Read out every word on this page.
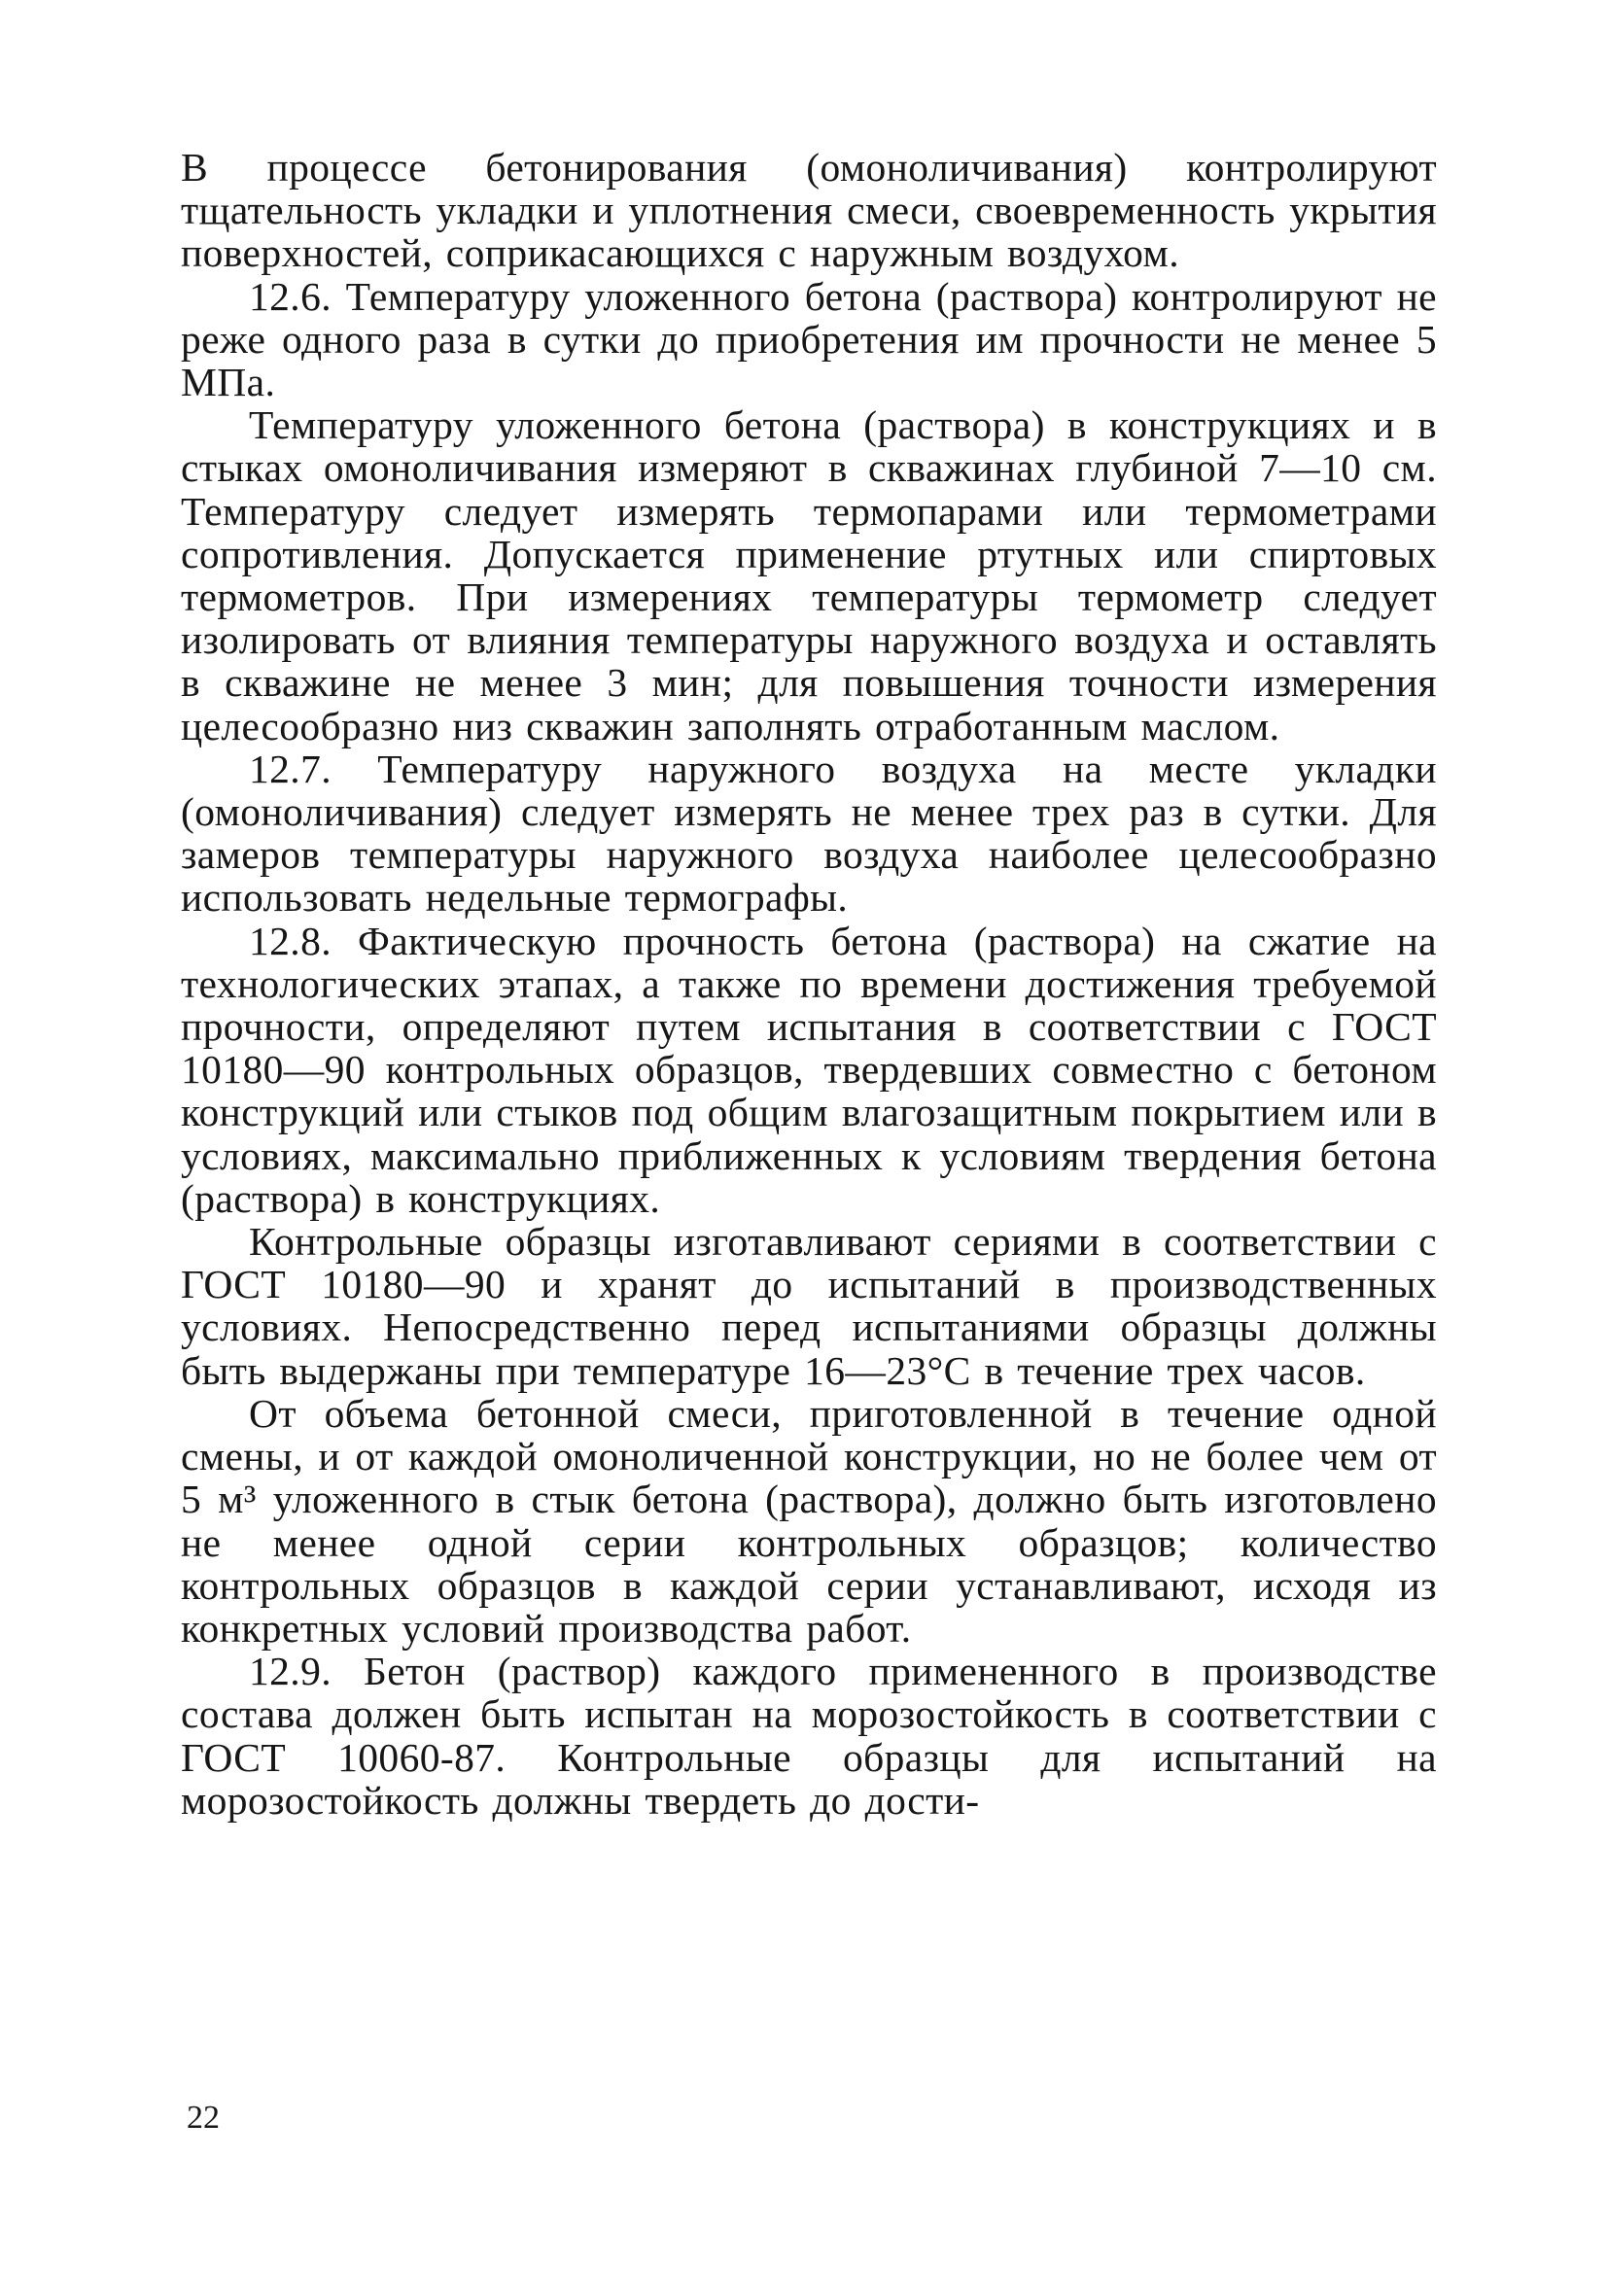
В процессе бетонирования (омоноличивания) контролируют тщательность укладки и уплотнения смеси, своевременность укрытия поверхностей, соприкасающихся с наружным воздухом.

12.6. Температуру уложенного бетона (раствора) контролируют не реже одного раза в сутки до приобретения им прочности не менее 5 МПа.

Температуру уложенного бетона (раствора) в конструкциях и в стыках омоноличивания измеряют в скважинах глубиной 7—10 см. Температуру следует измерять термопарами или термометрами сопротивления. Допускается применение ртутных или спиртовых термометров. При измерениях температуры термометр следует изолировать от влияния температуры наружного воздуха и оставлять в скважине не менее 3 мин; для повышения точности измерения целесообразно низ скважин заполнять отработанным маслом.

12.7. Температуру наружного воздуха на месте укладки (омоноличивания) следует измерять не менее трех раз в сутки. Для замеров температуры наружного воздуха наиболее целесообразно использовать недельные термографы.

12.8. Фактическую прочность бетона (раствора) на сжатие на технологических этапах, а также по времени достижения требуемой прочности, определяют путем испытания в соответствии с ГОСТ 10180—90 контрольных образцов, твердевших совместно с бетоном конструкций или стыков под общим влагозащитным покрытием или в условиях, максимально приближенных к условиям твердения бетона (раствора) в конструкциях.

Контрольные образцы изготавливают сериями в соответствии с ГОСТ 10180—90 и хранят до испытаний в производственных условиях. Непосредственно перед испытаниями образцы должны быть выдержаны при температуре 16—23°С в течение трех часов.

От объема бетонной смеси, приготовленной в течение одной смены, и от каждой омоноличенной конструкции, но не более чем от 5 м³ уложенного в стык бетона (раствора), должно быть изготовлено не менее одной серии контрольных образцов; количество контрольных образцов в каждой серии устанавливают, исходя из конкретных условий производства работ.

12.9. Бетон (раствор) каждого примененного в производстве состава должен быть испытан на морозостойкость в соответствии с ГОСТ 10060-87. Контрольные образцы для испытаний на морозостойкость должны твердеть до дости-

22
